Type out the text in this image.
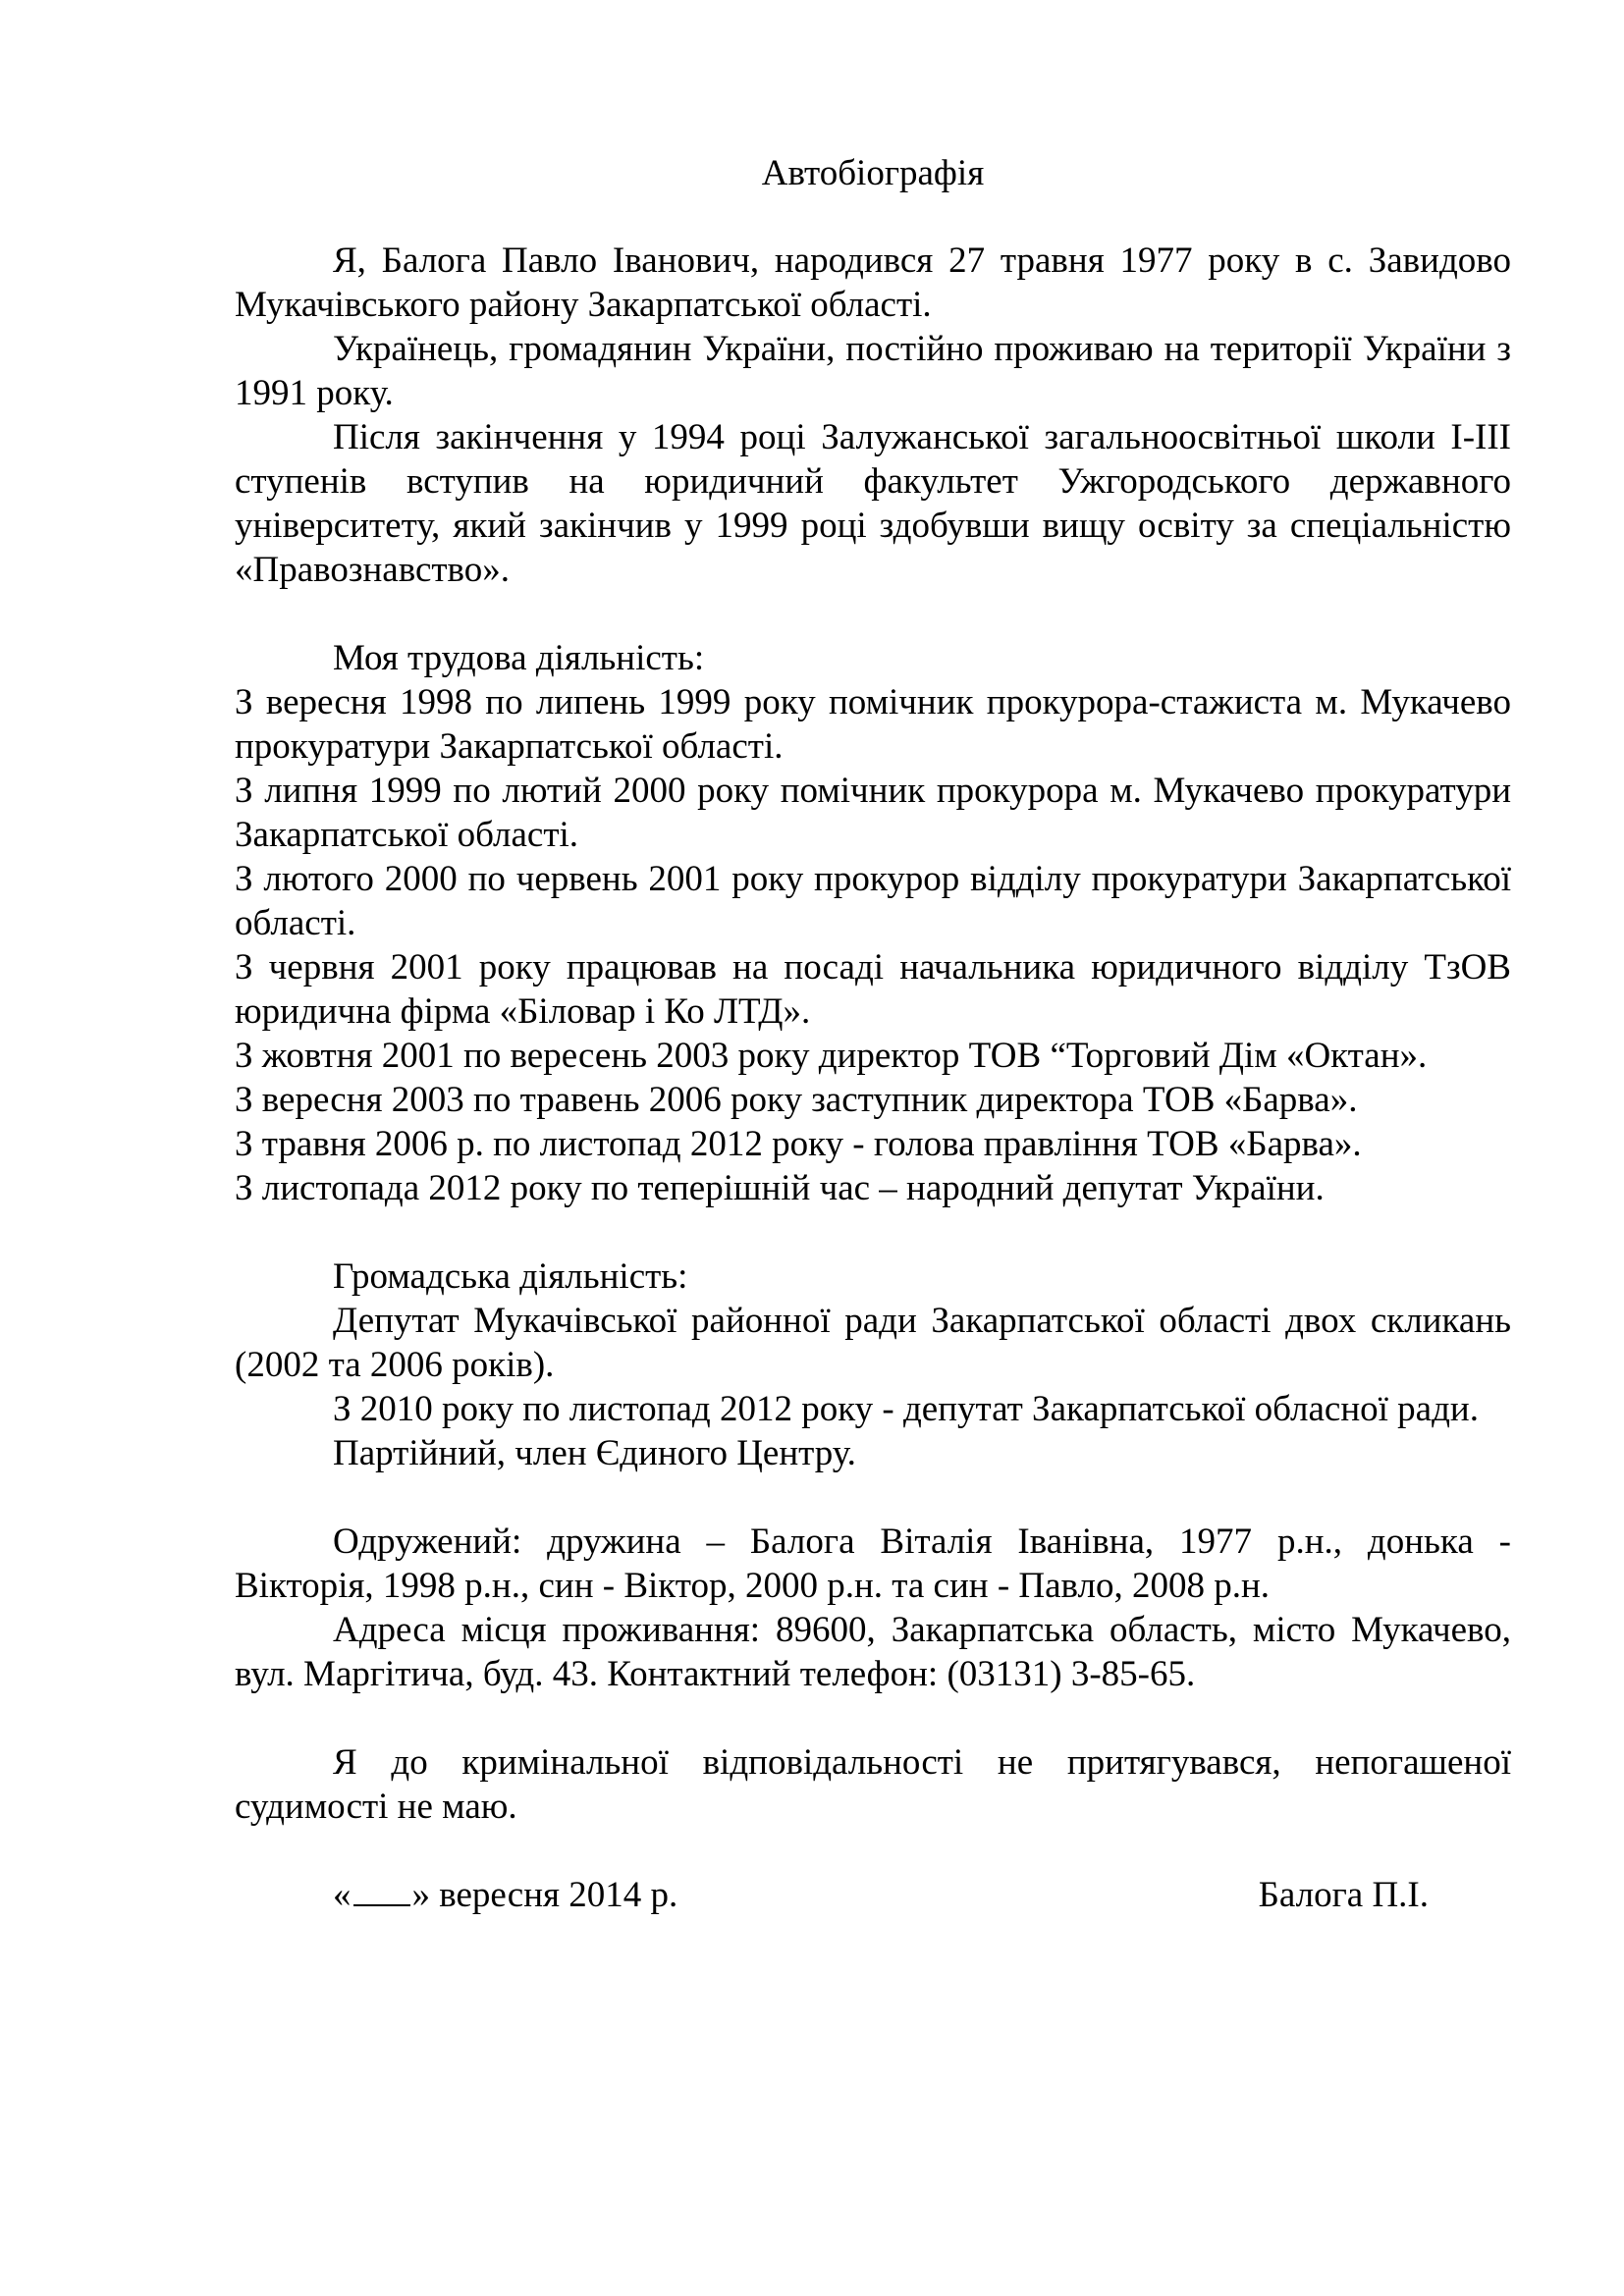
Автобіографія

Я, Балога Павло Іванович, народився 27 травня 1977 року в с. Завидово Мукачівського району Закарпатської області.

Українець, громадянин України, постійно проживаю на території України з 1991 року.

Після закінчення у 1994 році Залужанської загальноосвітньої школи І-ІІІ ступенів вступив на юридичний факультет Ужгородського державного університету, який закінчив у 1999 році здобувши вищу освіту за спеціальністю «Правознавство».

Моя трудова діяльність:

З вересня 1998 по липень 1999 року помічник прокурора-стажиста м. Мукачево прокуратури Закарпатської області.

З липня 1999 по лютий 2000 року помічник прокурора м. Мукачево прокуратури Закарпатської області.

З лютого 2000 по червень 2001 року прокурор відділу прокуратури Закарпатської області.

З червня 2001 року працював на посаді начальника юридичного відділу ТзОВ юридична фірма «Біловар і Ко ЛТД».

З жовтня 2001 по вересень 2003 року директор ТОВ “Торговий Дім «Октан».

З вересня 2003 по травень 2006 року заступник директора ТОВ «Барва».

З травня 2006 р. по листопад 2012 року - голова правління ТОВ «Барва».

З листопада 2012 року по теперішній час – народний депутат України.

Громадська діяльність:

Депутат Мукачівської районної ради Закарпатської області двох скликань (2002 та 2006 років).

З 2010 року по листопад 2012 року - депутат Закарпатської обласної ради.

Партійний, член Єдиного Центру.

Одружений: дружина – Балога Віталія Іванівна, 1977 р.н., донька - Вікторія, 1998 р.н., син - Віктор, 2000 р.н. та син - Павло, 2008 р.н.

Адреса місця проживання: 89600, Закарпатська область, місто Мукачево, вул. Маргітича, буд. 43. Контактний телефон: (03131) 3-85-65.

Я до кримінальної відповідальності не притягувався, непогашеної судимості не маю.

« » вересня 2014 р.	Балога П.І.
